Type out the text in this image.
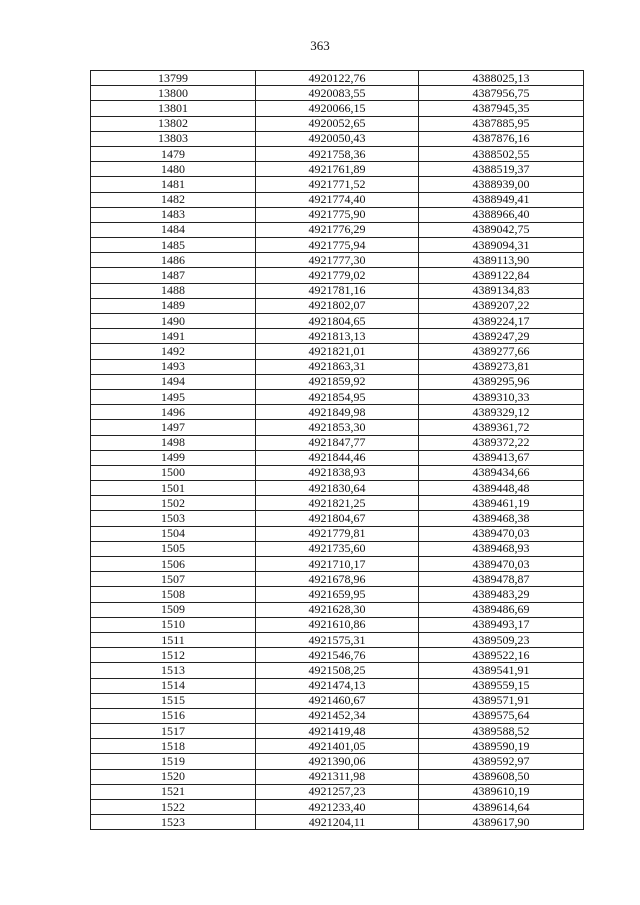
363
13799	4920122,76	4388025,13
13800	4920083,55	4387956,75
13801	4920066,15	4387945,35
13802	4920052,65	4387885,95
13803	4920050,43	4387876,16
1479	4921758,36	4388502,55
1480	4921761,89	4388519,37
1481	4921771,52	4388939,00
1482	4921774,40	4388949,41
1483	4921775,90	4388966,40
1484	4921776,29	4389042,75
1485	4921775,94	4389094,31
1486	4921777,30	4389113,90
1487	4921779,02	4389122,84
1488	4921781,16	4389134,83
1489	4921802,07	4389207,22
1490	4921804,65	4389224,17
1491	4921813,13	4389247,29
1492	4921821,01	4389277,66
1493	4921863,31	4389273,81
1494	4921859,92	4389295,96
1495	4921854,95	4389310,33
1496	4921849,98	4389329,12
1497	4921853,30	4389361,72
1498	4921847,77	4389372,22
1499	4921844,46	4389413,67
1500	4921838,93	4389434,66
1501	4921830,64	4389448,48
1502	4921821,25	4389461,19
1503	4921804,67	4389468,38
1504	4921779,81	4389470,03
1505	4921735,60	4389468,93
1506	4921710,17	4389470,03
1507	4921678,96	4389478,87
1508	4921659,95	4389483,29
1509	4921628,30	4389486,69
1510	4921610,86	4389493,17
1511	4921575,31	4389509,23
1512	4921546,76	4389522,16
1513	4921508,25	4389541,91
1514	4921474,13	4389559,15
1515	4921460,67	4389571,91
1516	4921452,34	4389575,64
1517	4921419,48	4389588,52
1518	4921401,05	4389590,19
1519	4921390,06	4389592,97
1520	4921311,98	4389608,50
1521	4921257,23	4389610,19
1522	4921233,40	4389614,64
1523	4921204,11	4389617,90
